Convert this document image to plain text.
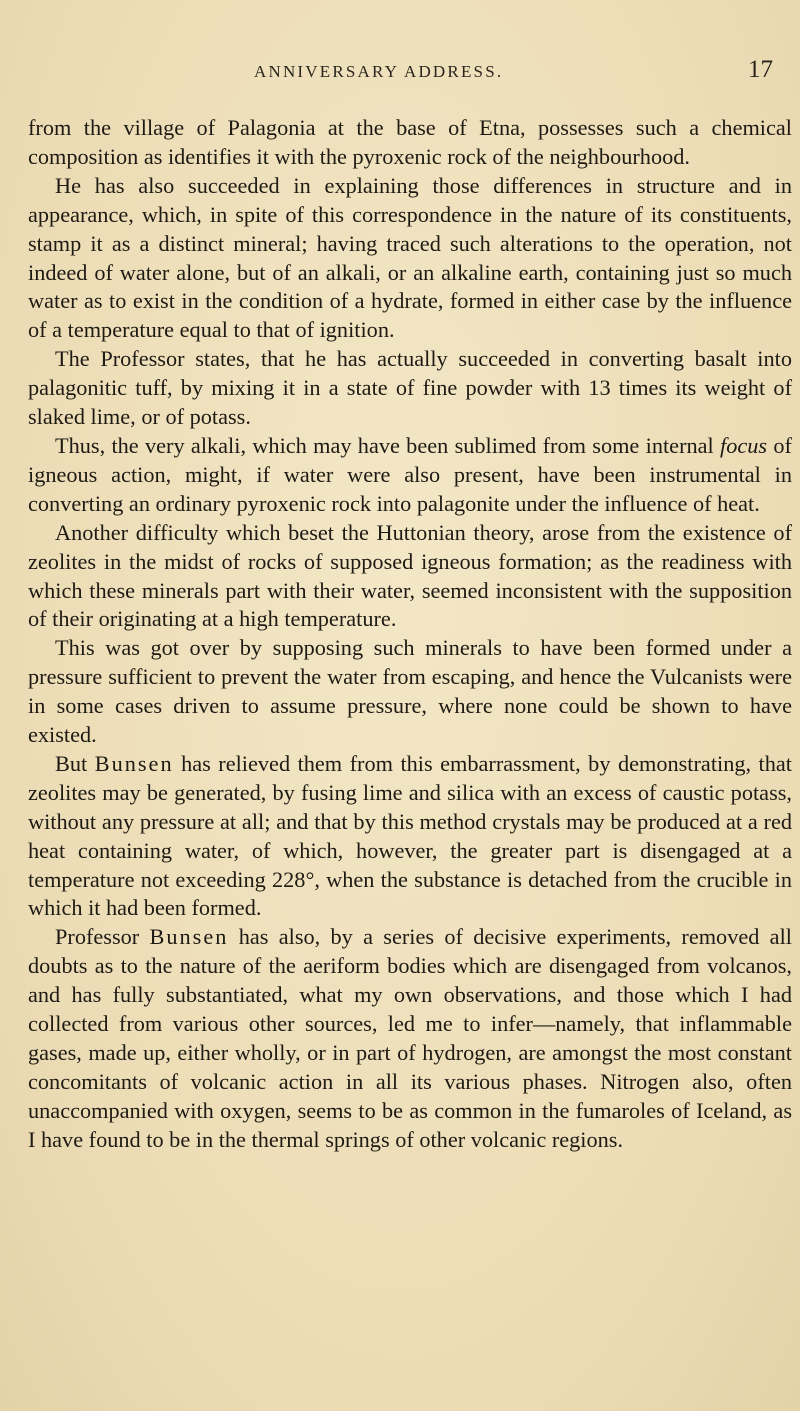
ANNIVERSARY ADDRESS.	17

from the village of Palagonia at the base of Etna, possesses such a chemical composition as identifies it with the pyroxenic rock of the neighbourhood.

He has also succeeded in explaining those differences in structure and in appearance, which, in spite of this correspondence in the nature of its constituents, stamp it as a distinct mineral; having traced such alterations to the operation, not indeed of water alone, but of an alkali, or an alkaline earth, containing just so much water as to exist in the condition of a hydrate, formed in either case by the influence of a temperature equal to that of ignition.

The Professor states, that he has actually succeeded in converting basalt into palagonitic tuff, by mixing it in a state of fine powder with 13 times its weight of slaked lime, or of potass.

Thus, the very alkali, which may have been sublimed from some internal focus of igneous action, might, if water were also present, have been instrumental in converting an ordinary pyroxenic rock into palagonite under the influence of heat.

Another difficulty which beset the Huttonian theory, arose from the existence of zeolites in the midst of rocks of supposed igneous formation; as the readiness with which these minerals part with their water, seemed inconsistent with the supposition of their originating at a high temperature.

This was got over by supposing such minerals to have been formed under a pressure sufficient to prevent the water from escaping, and hence the Vulcanists were in some cases driven to assume pressure, where none could be shown to have existed.

But Bunsen has relieved them from this embarrassment, by demonstrating, that zeolites may be generated, by fusing lime and silica with an excess of caustic potass, without any pressure at all; and that by this method crystals may be produced at a red heat containing water, of which, however, the greater part is disengaged at a temperature not exceeding 228°, when the substance is detached from the crucible in which it had been formed.

Professor Bunsen has also, by a series of decisive experiments, removed all doubts as to the nature of the aeriform bodies which are disengaged from volcanos, and has fully substantiated, what my own observations, and those which I had collected from various other sources, led me to infer—namely, that inflammable gases, made up, either wholly, or in part of hydrogen, are amongst the most constant concomitants of volcanic action in all its various phases. Nitrogen also, often unaccompanied with oxygen, seems to be as common in the fumaroles of Iceland, as I have found to be in the thermal springs of other volcanic regions.
